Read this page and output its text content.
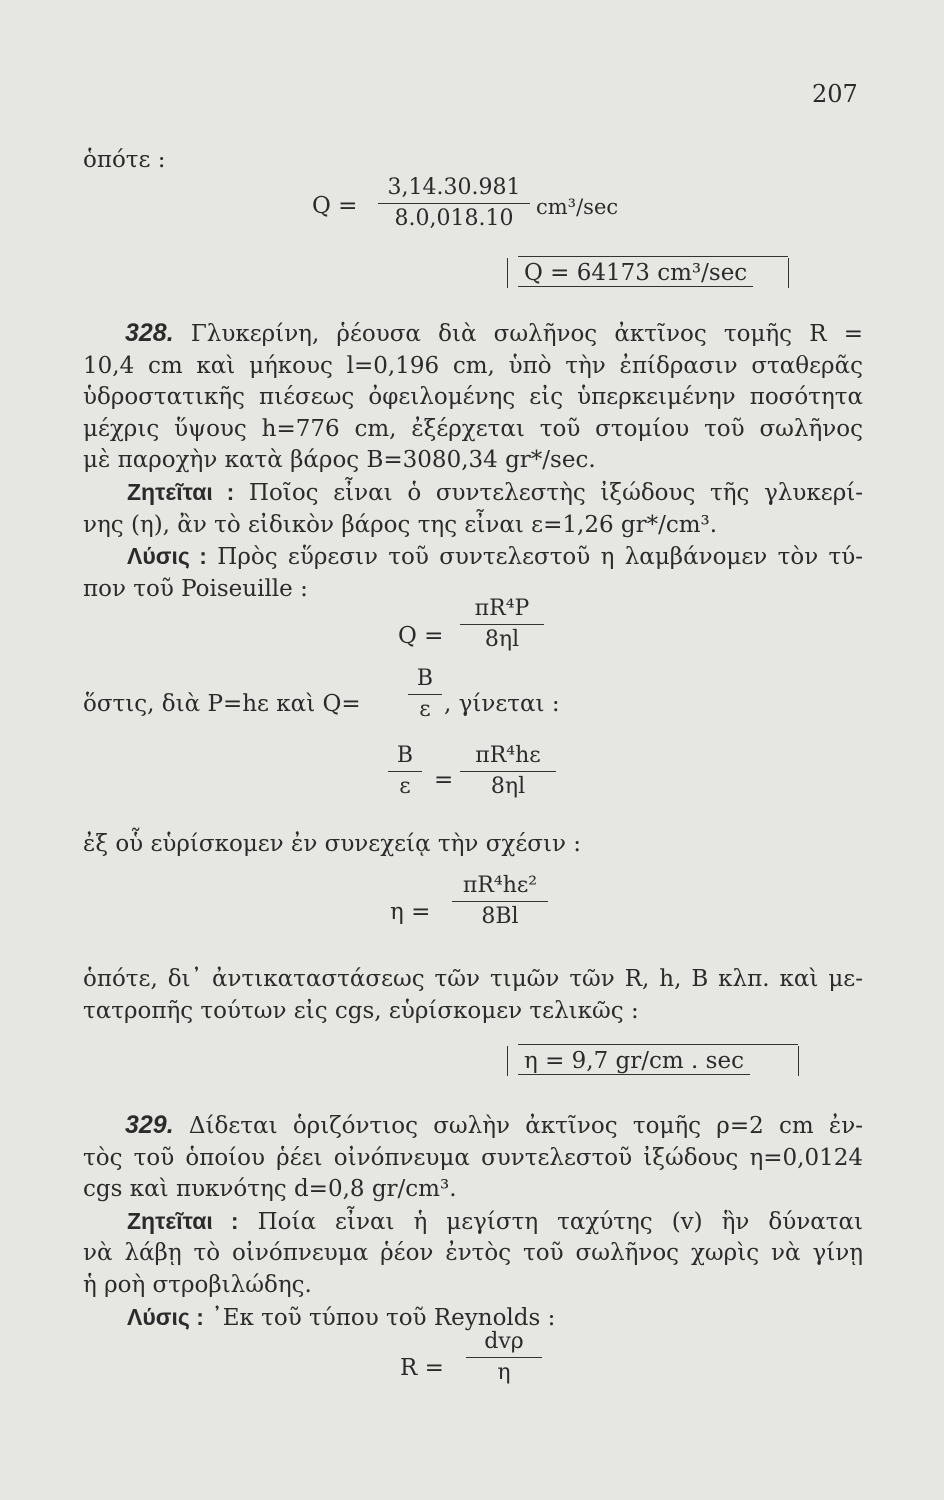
207
ὁπότε :
Q =
3,14.30.981
8.0,018.10	cm³/sec
Q = 64173 cm³/sec
328. Γλυκερίνη, ῥέουσα διὰ σωλῆνος ἀκτῖνος τομῆς R =
10,4 cm καὶ μήκους l=0,196 cm, ὑπὸ τὴν ἐπίδρασιν σταθερᾶς
ὑδροστατικῆς πιέσεως ὀφειλομένης εἰς ὑπερκειμένην ποσότητα
μέχρις ὕψους h=776 cm, ἐξέρχεται τοῦ στομίου τοῦ σωλῆνος
μὲ παροχὴν κατὰ βάρος B=3080,34 gr*/sec.
Ζητεῖται : Ποῖος εἶναι ὁ συντελεστὴς ἰξώδους τῆς γλυκερί-
νης (η), ἂν τὸ εἰδικὸν βάρος της εἶναι ε=1,26 gr*/cm³.
Λύσις : Πρὸς εὕρεσιν τοῦ συντελεστοῦ η λαμβάνομεν τὸν τύ-
πον τοῦ Poiseuille :
Q =
πR⁴P
8ηl
ὅστις, διὰ P=hε καὶ Q=
B
ε , γίνεται :
B
ε	=
πR⁴hε
8ηl
ἐξ οὗ εὑρίσκομεν ἐν συνεχείᾳ τὴν σχέσιν :
η =
πR⁴hε²
8Bl
ὁπότε, δι᾽ ἀντικαταστάσεως τῶν τιμῶν τῶν R, h, B κλπ. καὶ με-
τατροπῆς τούτων εἰς cgs, εὑρίσκομεν τελικῶς :
η = 9,7 gr/cm . sec
329. Δίδεται ὁριζόντιος σωλὴν ἀκτῖνος τομῆς ρ=2 cm ἐν-
τὸς τοῦ ὁποίου ῥέει οἰνόπνευμα συντελεστοῦ ἰξώδους η=0,0124
cgs καὶ πυκνότης d=0,8 gr/cm³.
Ζητεῖται : Ποία εἶναι ἡ μεγίστη ταχύτης (v) ἣν δύναται
νὰ λάβῃ τὸ οἰνόπνευμα ῥέον ἐντὸς τοῦ σωλῆνος χωρὶς νὰ γίνῃ
ἡ ροὴ στροβιλώδης.
Λύσις : ᾿Εκ τοῦ τύπου τοῦ Reynolds :
R =
dvρ
η
